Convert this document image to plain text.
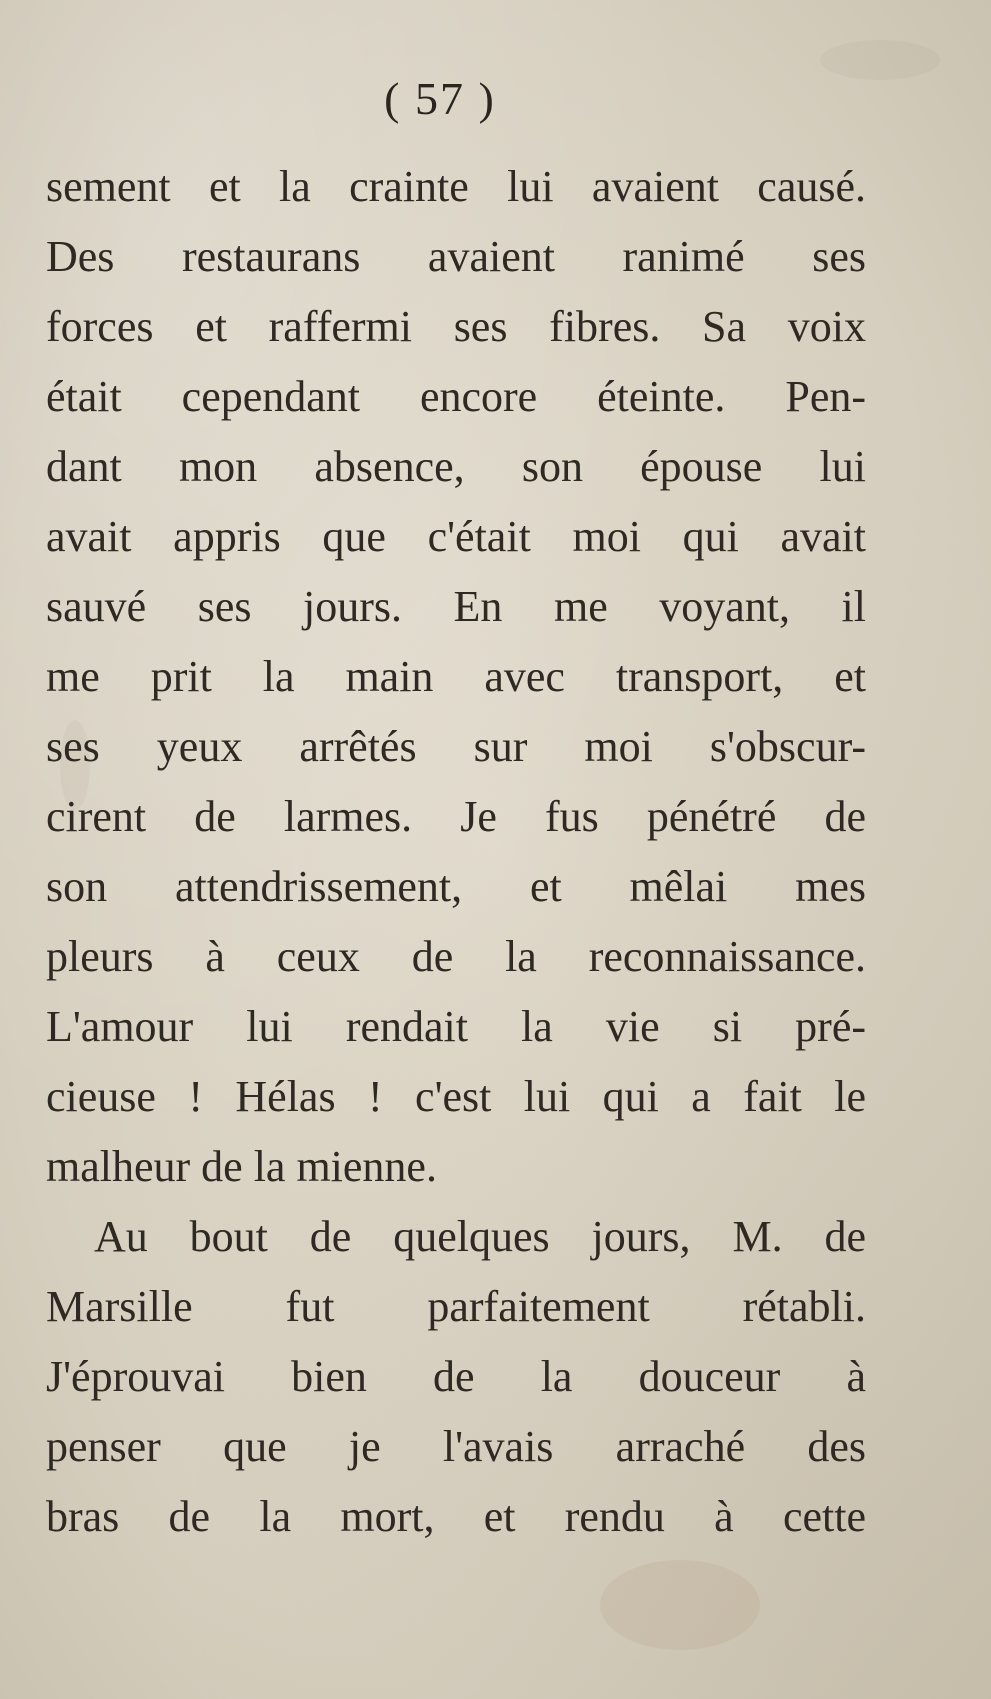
( 57 )
sement et la crainte lui avaient causé.
Des restaurans avaient ranimé ses
forces et raffermi ses fibres. Sa voix
était cependant encore éteinte. Pen-
dant mon absence, son épouse lui
avait appris que c'était moi qui avait
sauvé ses jours. En me voyant, il
me prit la main avec transport, et
ses yeux arrêtés sur moi s'obscur-
cirent de larmes. Je fus pénétré de
son attendrissement, et mêlai mes
pleurs à ceux de la reconnaissance.
L'amour lui rendait la vie si pré-
cieuse ! Hélas ! c'est lui qui a fait le
malheur de la mienne.
Au bout de quelques jours, M. de
Marsille fut parfaitement rétabli.
J'éprouvai bien de la douceur à
penser que je l'avais arraché des
bras de la mort, et rendu à cette
